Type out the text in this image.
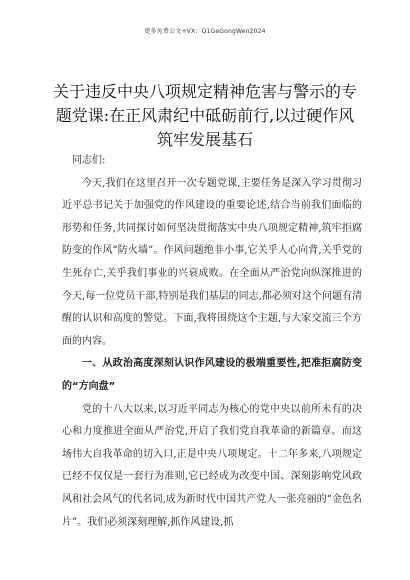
更多免费公文+VX：Q1GeGongWen2024
关于违反中央八项规定精神危害与警示的专题党课:在正风肃纪中砥砺前行,以过硬作风筑牢发展基石

同志们:

今天,我们在这里召开一次专题党课,主要任务是深入学习贯彻习近平总书记关于加强党的作风建设的重要论述,结合当前我们面临的形势和任务,共同探讨如何坚决贯彻落实中央八项规定精神,筑牢拒腐防变的作风“防火墙”。作风问题绝非小事,它关乎人心向背,关乎党的生死存亡,关乎我们事业的兴衰成败。在全面从严治党向纵深推进的今天,每一位党员干部,特别是我们基层的同志,都必须对这个问题有清醒的认识和高度的警觉。下面,我将围绕这个主题,与大家交流三个方面的内容。

一、从政治高度深刻认识作风建设的极端重要性,把准拒腐防变的“方向盘”

党的十八大以来,以习近平同志为核心的党中央以前所未有的决心和力度推进全面从严治党,开启了我们党自我革命的新篇章。而这场伟大自我革命的切入口,正是中央八项规定。十二年多来,八项规定已经不仅仅是一套行为准则,它已经成为改变中国、深刻影响党风政风和社会风气的代名词,成为新时代中国共产党人一张亮丽的“金色名片”。我们必须深刻理解,抓作风建设,抓
